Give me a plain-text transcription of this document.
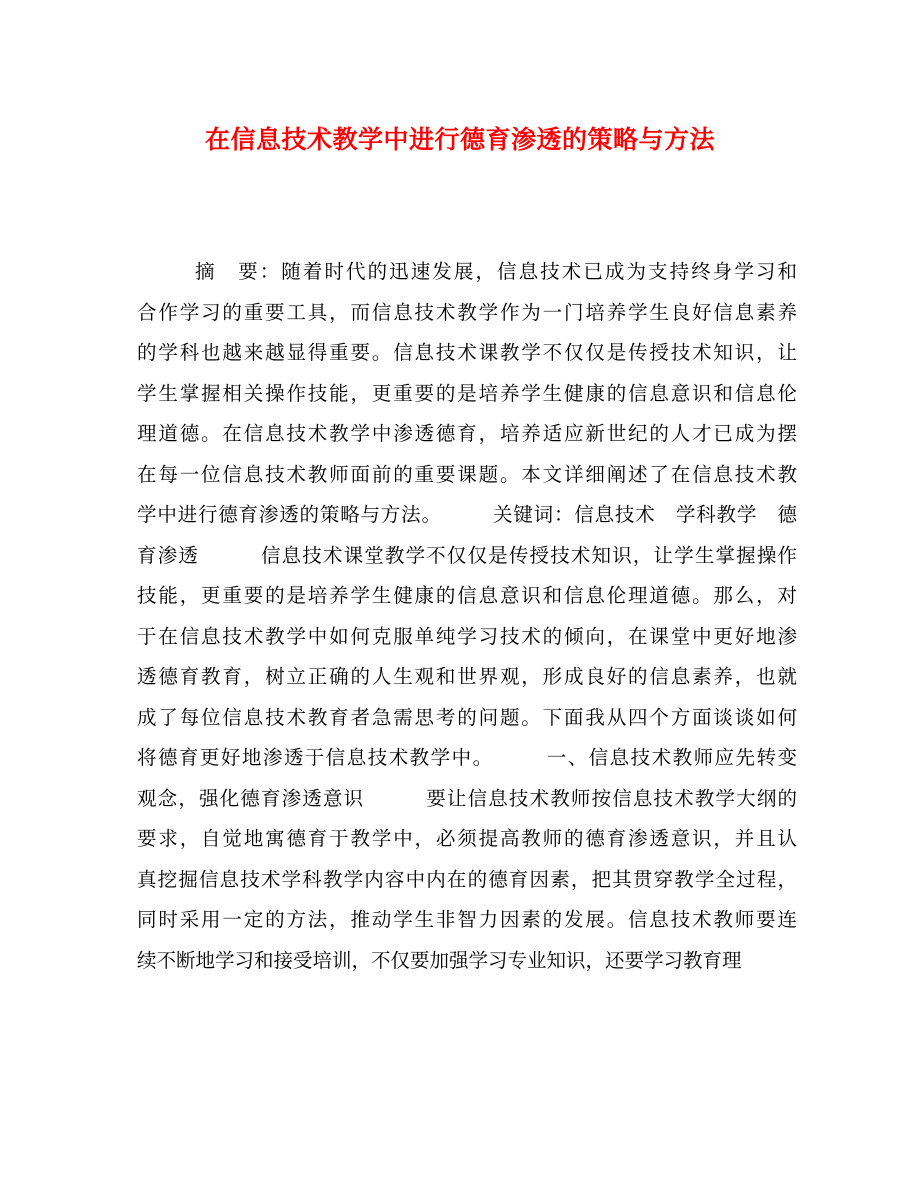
在信息技术教学中进行德育渗透的策略与方法
摘　要：随着时代的迅速发展，信息技术已成为支持终身学习和
合作学习的重要工具，而信息技术教学作为一门培养学生良好信息素养
的学科也越来越显得重要。信息技术课教学不仅仅是传授技术知识，让
学生掌握相关操作技能，更重要的是培养学生健康的信息意识和信息伦
理道德。在信息技术教学中渗透德育，培养适应新世纪的人才已成为摆
在每一位信息技术教师面前的重要课题。本文详细阐述了在信息技术教
学中进行德育渗透的策略与方法。　　　关键词：信息技术　学科教学　德
育渗透　　　信息技术课堂教学不仅仅是传授技术知识，让学生掌握操作
技能，更重要的是培养学生健康的信息意识和信息伦理道德。那么，对
于在信息技术教学中如何克服单纯学习技术的倾向，在课堂中更好地渗
透德育教育，树立正确的人生观和世界观，形成良好的信息素养，也就
成了每位信息技术教育者急需思考的问题。下面我从四个方面谈谈如何
将德育更好地渗透于信息技术教学中。　　　一、信息技术教师应先转变
观念，强化德育渗透意识　　　要让信息技术教师按信息技术教学大纲的
要求，自觉地寓德育于教学中，必须提高教师的德育渗透意识，并且认
真挖掘信息技术学科教学内容中内在的德育因素，把其贯穿教学全过程，
同时采用一定的方法，推动学生非智力因素的发展。信息技术教师要连
续不断地学习和接受培训，不仅要加强学习专业知识，还要学习教育理
